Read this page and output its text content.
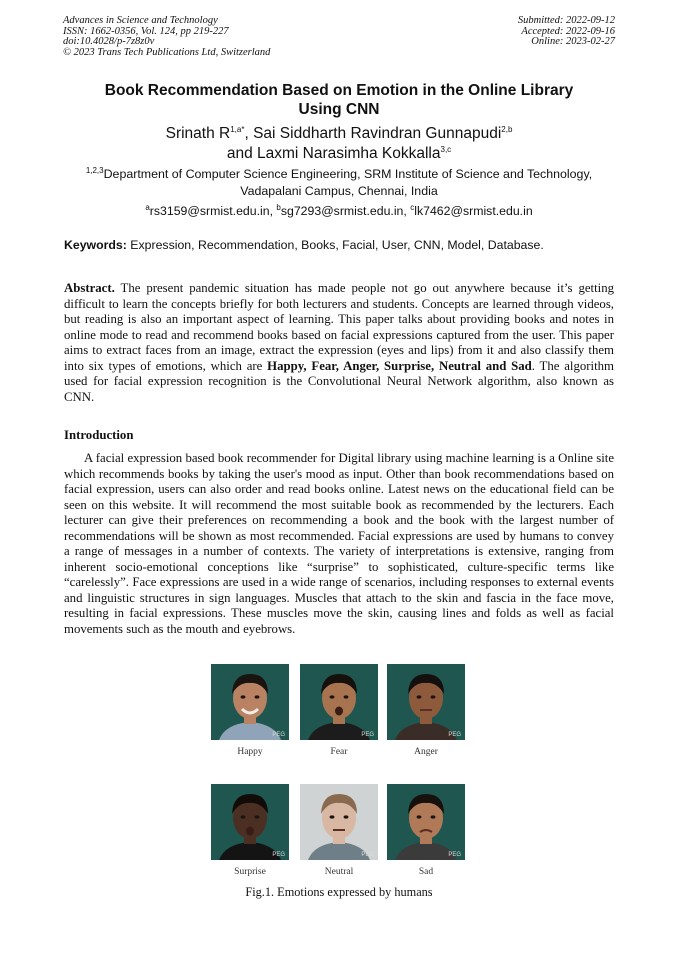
Advances in Science and Technology
ISSN: 1662-0356, Vol. 124, pp 219-227
doi:10.4028/p-7z8z0v
© 2023 Trans Tech Publications Ltd, Switzerland
Submitted: 2022-09-12
Accepted: 2022-09-16
Online: 2023-02-27
Book Recommendation Based on Emotion in the Online Library
Using CNN
Srinath $R^{1,a*}$, Sai Siddharth Ravindran Gunnapudi$^{2,b}$
and Laxmi Narasimha Kokkalla$^{3,c}$
$^{1,2,3}$Department of Computer Science Engineering, SRM Institute of Science and Technology,
Vadapalani Campus, Chennai, India
$^a$rs3159@srmist.edu.in, $^b$sg7293@srmist.edu.in, $^c$lk7462@srmist.edu.in
Keywords: Expression, Recommendation, Books, Facial, User, CNN, Model, Database.
Abstract. The present pandemic situation has made people not go out anywhere because it’s getting difficult to learn the concepts briefly for both lecturers and students. Concepts are learned through videos, but reading is also an important aspect of learning. This paper talks about providing books and notes in online mode to read and recommend books based on facial expressions captured from the user. This paper aims to extract faces from an image, extract the expression (eyes and lips) from it and also classify them into six types of emotions, which are Happy, Fear, Anger, Surprise, Neutral and Sad. The algorithm used for facial expression recognition is the Convolutional Neural Network algorithm, also known as CNN.
Introduction
A facial expression based book recommender for Digital library using machine learning is a Online site which recommends books by taking the user's mood as input. Other than book recommendations based on facial expression, users can also order and read books online. Latest news on the educational field can be seen on this website. It will recommend the most suitable book as recommended by the lecturers. Each lecturer can give their preferences on recommending a book and the book with the largest number of recommendations will be shown as most recommended. Facial expressions are used by humans to convey a range of messages in a number of contexts. The variety of interpretations is extensive, ranging from inherent socio-emotional conceptions like “surprise” to sophisticated, culture-specific terms like “carelessly”. Face expressions are used in a wide range of scenarios, including responses to external events and linguistic structures in sign languages. Muscles that attach to the skin and fascia in the face move, resulting in facial expressions. These muscles move the skin, causing lines and folds as well as facial movements such as the mouth and eyebrows.
PEG
Happy
PEG
Fear
PEG
Anger
PEG
Surprise
PEG
Neutral
PEG
Sad
Fig.1. Emotions expressed by humans
